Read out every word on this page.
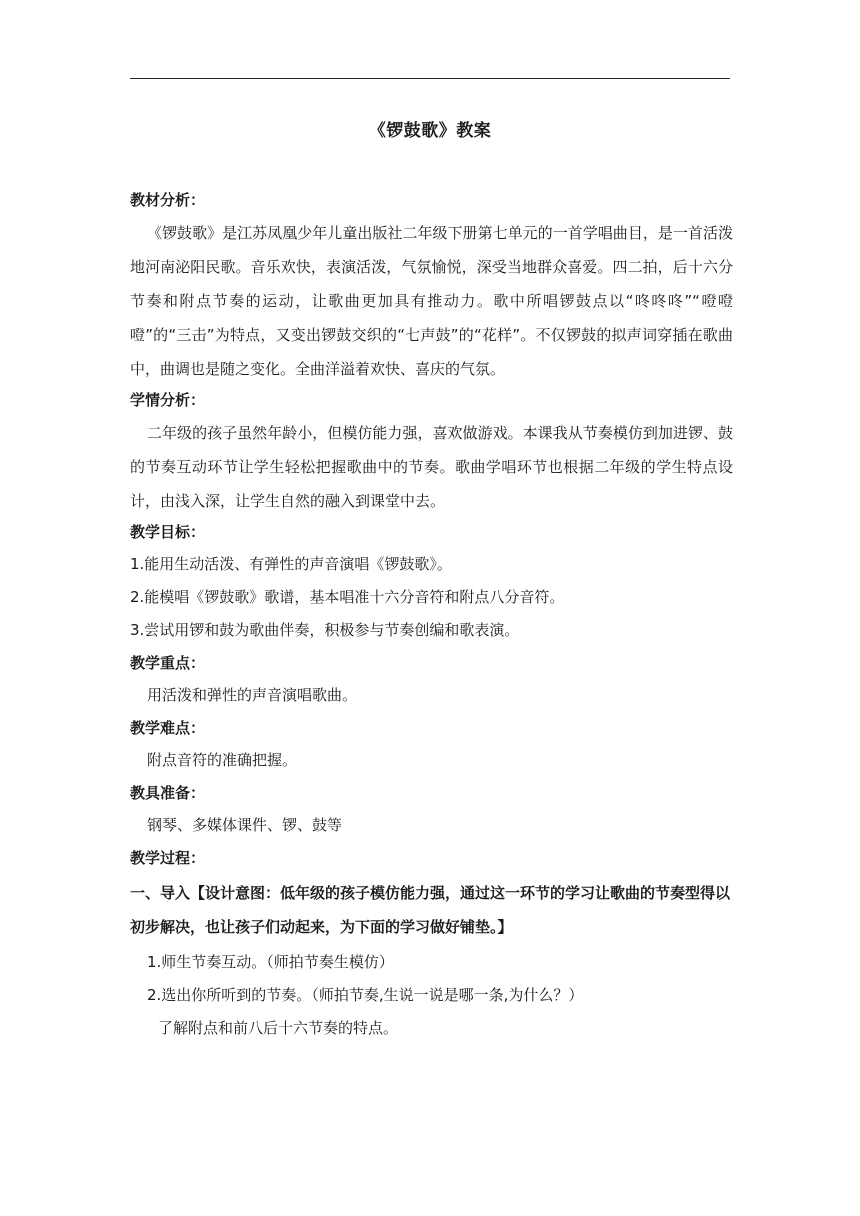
《锣鼓歌》教案
教材分析：

《锣鼓歌》是江苏凤凰少年儿童出版社二年级下册第七单元的一首学唱曲目，是一首活泼地河南泌阳民歌。音乐欢快，表演活泼，气氛愉悦，深受当地群众喜爱。四二拍，后十六分节奏和附点节奏的运动，让歌曲更加具有推动力。歌中所唱锣鼓点以“咚咚咚”“噔噔噔”的“三击”为特点，又变出锣鼓交织的“七声鼓”的“花样”。不仅锣鼓的拟声词穿插在歌曲中，曲调也是随之变化。全曲洋溢着欢快、喜庆的气氛。

学情分析：

二年级的孩子虽然年龄小，但模仿能力强，喜欢做游戏。本课我从节奏模仿到加进锣、鼓的节奏互动环节让学生轻松把握歌曲中的节奏。歌曲学唱环节也根据二年级的学生特点设计，由浅入深，让学生自然的融入到课堂中去。

教学目标：
1.能用生动活泼、有弹性的声音演唱《锣鼓歌》。
2.能模唱《锣鼓歌》歌谱，基本唱准十六分音符和附点八分音符。
3.尝试用锣和鼓为歌曲伴奏，积极参与节奏创编和歌表演。
教学重点：
用活泼和弹性的声音演唱歌曲。
教学难点：
附点音符的准确把握。
教具准备：
钢琴、多媒体课件、锣、鼓等
教学过程：

一、导入【设计意图：低年级的孩子模仿能力强，通过这一环节的学习让歌曲的节奏型得以初步解决，也让孩子们动起来，为下面的学习做好铺垫。】

1.师生节奏互动。（师拍节奏生模仿）
2.选出你所听到的节奏。（师拍节奏,生说一说是哪一条,为什么？）
了解附点和前八后十六节奏的特点。
